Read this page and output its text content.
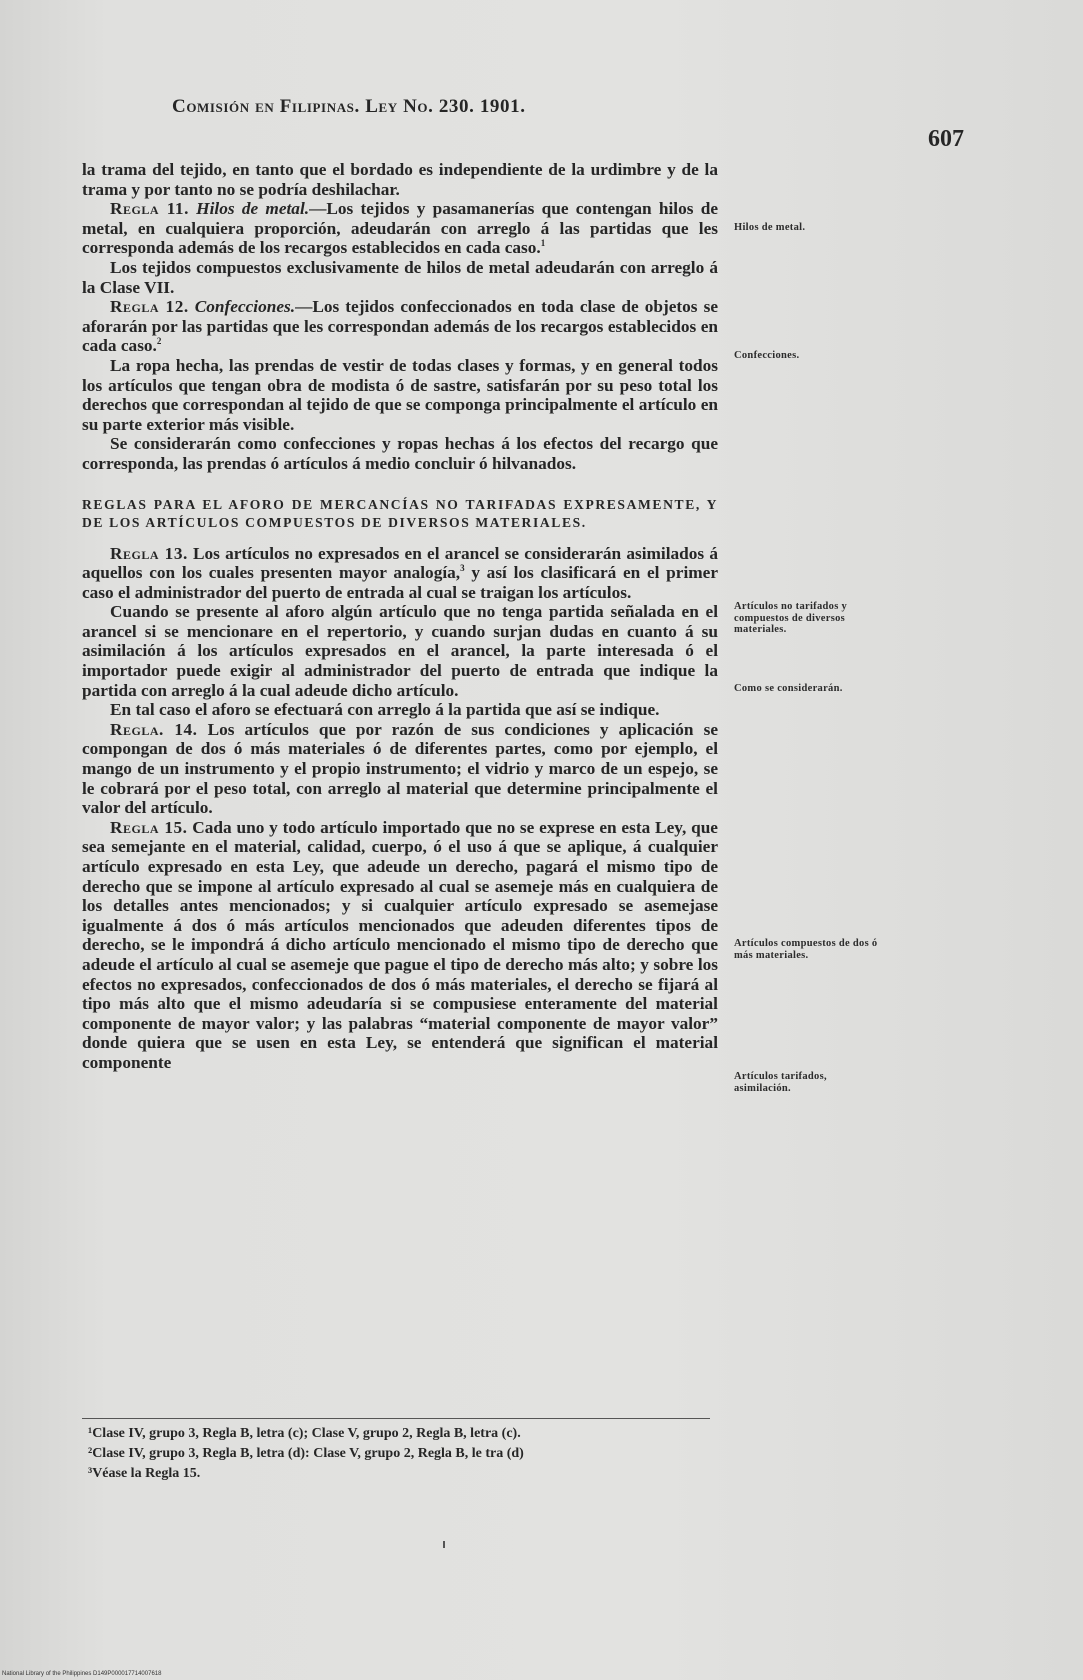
Comisión en Filipinas. Ley No. 230. 1901.
607

la trama del tejido, en tanto que el bordado es independiente de la urdimbre y de la trama y por tanto no se podría deshilachar.

Regla 11. Hilos de metal.—Los tejidos y pasamanerías que contengan hilos de metal, en cualquiera proporción, adeudarán con arreglo á las partidas que les corresponda además de los recargos establecidos en cada caso.$^1$

Los tejidos compuestos exclusivamente de hilos de metal adeudarán con arreglo á la Clase VII.

Regla 12. Confecciones.—Los tejidos confeccionados en toda clase de objetos se aforarán por las partidas que les correspondan además de los recargos establecidos en cada caso.$^2$

La ropa hecha, las prendas de vestir de todas clases y formas, y en general todos los artículos que tengan obra de modista ó de sastre, satisfarán por su peso total los derechos que correspondan al tejido de que se componga principalmente el artículo en su parte exterior más visible.

Se considerarán como confecciones y ropas hechas á los efectos del recargo que corresponda, las prendas ó artículos á medio concluir ó hilvanados.

REGLAS PARA EL AFORO DE MERCANCÍAS NO TARIFADAS EXPRESAMENTE, Y DE LOS ARTÍCULOS COMPUESTOS DE DIVERSOS MATERIALES.

Regla 13. Los artículos no expresados en el arancel se considerarán asimilados á aquellos con los cuales presenten mayor analogía,$^3$ y así los clasificará en el primer caso el administrador del puerto de entrada al cual se traigan los artículos.

Cuando se presente al aforo algún artículo que no tenga partida señalada en el arancel si se mencionare en el repertorio, y cuando surjan dudas en cuanto á su asimilación á los artículos expresados en el arancel, la parte interesada ó el importador puede exigir al administrador del puerto de entrada que indique la partida con arreglo á la cual adeude dicho artículo.

En tal caso el aforo se efectuará con arreglo á la partida que así se indique.

Regla. 14. Los artículos que por razón de sus condiciones y aplicación se compongan de dos ó más materiales ó de diferentes partes, como por ejemplo, el mango de un instrumento y el propio instrumento; el vidrio y marco de un espejo, se le cobrará por el peso total, con arreglo al material que determine principalmente el valor del artículo.

Regla 15. Cada uno y todo artículo importado que no se exprese en esta Ley, que sea semejante en el material, calidad, cuerpo, ó el uso á que se aplique, á cualquier artículo expresado en esta Ley, que adeude un derecho, pagará el mismo tipo de derecho que se impone al artículo expresado al cual se asemeje más en cualquiera de los detalles antes mencionados; y si cualquier artículo expresado se asemejase igualmente á dos ó más artículos mencionados que adeuden diferentes tipos de derecho, se le impondrá á dicho artículo mencionado el mismo tipo de derecho que adeude el artículo al cual se asemeje que pague el tipo de derecho más alto; y sobre los efectos no expresados, confeccionados de dos ó más materiales, el derecho se fijará al tipo más alto que el mismo adeudaría si se compusiese enteramente del material componente de mayor valor; y las palabras “material componente de mayor valor” donde quiera que se usen en esta Ley, se entenderá que significan el material componente

Hilos de metal.
Confecciones.
Artículos no tarifados y compuestos de diversos materiales.
Como se considerarán.
Artículos compuestos de dos ó más materiales.
Artículos tarifados, asimilación.
¹Clase IV, grupo 3, Regla B, letra (c); Clase V, grupo 2, Regla B, letra (c).
²Clase IV, grupo 3, Regla B, letra (d): Clase V, grupo 2, Regla B, le tra (d)
³Véase la Regla 15.
National Library of the Philippines D149P000017714007618
